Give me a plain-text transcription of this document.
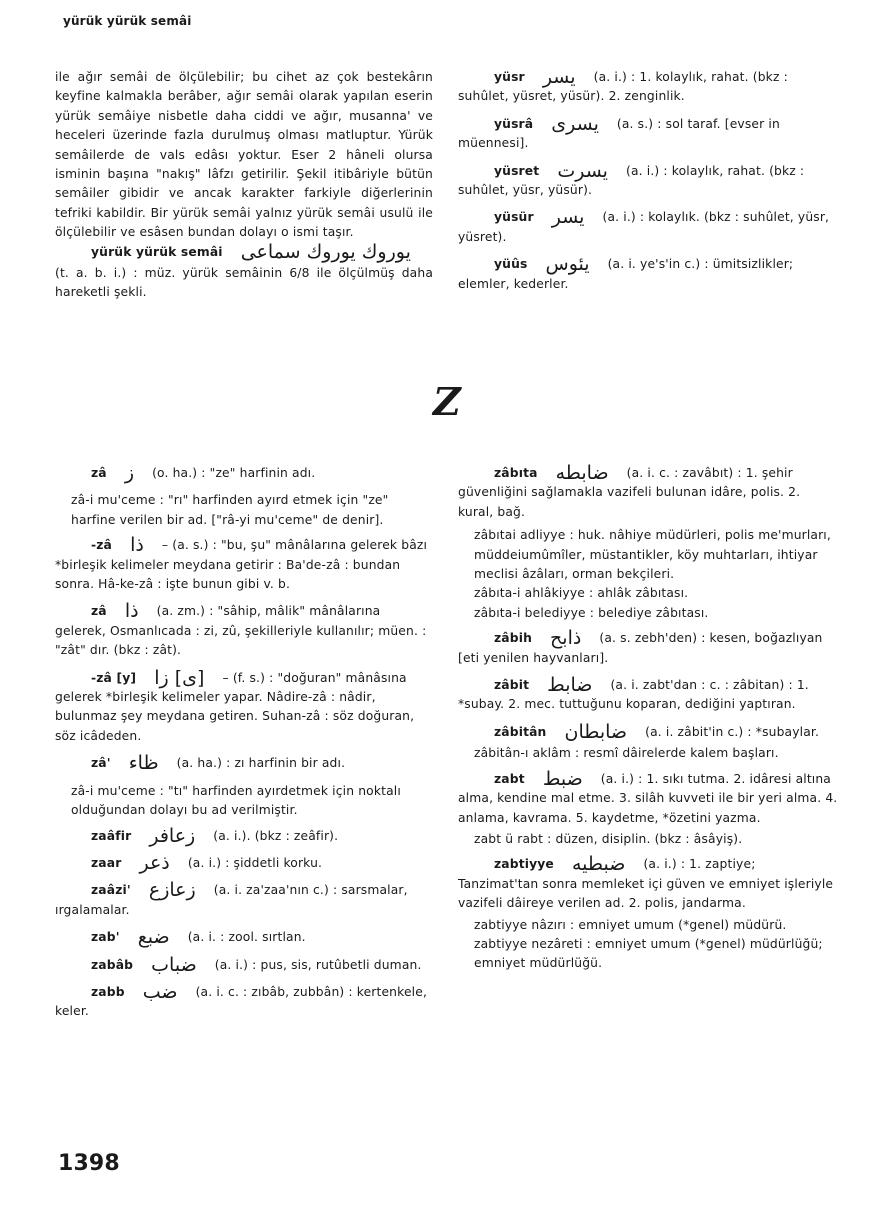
yürük yürük semâi

ile ağır semâi de ölçülebilir; bu cihet az çok bestekârın keyfine kalmakla berâber, ağır semâi olarak yapılan eserin yürük semâiye nisbetle daha ciddi ve ağır, musanna' ve heceleri üzerinde fazla durulmuş olması matluptur. Yürük semâilerde de vals edâsı yoktur. Eser 2 hâneli olursa isminin başına "nakış" lâfzı getirilir. Şekil itibâriyle bütün semâiler gibidir ve ancak karakter farkiyle diğerlerinin tefriki kabildir. Bir yürük semâi yalnız yürük semâi usulü ile ölçülebilir ve esâsen bundan dolayı o ismi taşır.

yürük yürük semâi یوروك یوروك سماعی

(t. a. b. i.) : müz. yürük semâinin 6/8 ile ölçülmüş daha hareketli şekli.

yüsr یسر (a. i.) : 1. kolaylık, rahat. (bkz : suhûlet, yüsret, yüsür). 2. zenginlik.
yüsrâ یسری (a. s.) : sol taraf. [evser in müennesi].
yüsret یسرت (a. i.) : kolaylık, rahat. (bkz : suhûlet, yüsr, yüsür).
yüsür یسر (a. i.) : kolaylık. (bkz : suhûlet, yüsr, yüsret).
yüûs یئوس (a. i. ye's'in c.) : ümitsizlikler; elemler, kederler.
Z
zâ ز (o. ha.) : "ze" harfinin adı.
zâ-i mu'ceme : "rı" harfinden ayırd etmek için "ze" harfine verilen bir ad. ["râ-yi mu'ceme" de denir].
-zâ ذا – (a. s.) : "bu, şu" mânâlarına gelerek bâzı *birleşik kelimeler meydana getirir : Ba'de-zâ : bundan sonra. Hâ-ke-zâ : işte bunun gibi v. b.
zâ ذا (a. zm.) : "sâhip, mâlik" mânâlarına gelerek, Osmanlıcada : zi, zû, şekilleriyle kullanılır; müen. : "zât" dır. (bkz : zât).
-zâ [y] [ی] زا – (f. s.) : "doğuran" mânâsına gelerek *birleşik kelimeler yapar. Nâdire-zâ : nâdir, bulunmaz şey meydana getiren. Suhan-zâ : söz doğuran, söz icâdeden.
zâ' ظاء (a. ha.) : zı harfinin bir adı.
zâ-i mu'ceme : "tı" harfinden ayırdetmek için noktalı olduğundan dolayı bu ad verilmiştir.
zaâfir زعافر (a. i.). (bkz : zeâfir).
zaar ذعر (a. i.) : şiddetli korku.
zaâzi' زعازع (a. i. za'zaa'nın c.) : sarsmalar, ırgalamalar.
zab' ضبع (a. i. : zool. sırtlan.
zabâb ضباب (a. i.) : pus, sis, rutûbetli duman.
zabb ضب (a. i. c. : zıbâb, zubbân) : kertenkele, keler.
zâbıta ضابطه (a. i. c. : zavâbıt) : 1. şehir güvenliğini sağlamakla vazifeli bulunan idâre, polis. 2. kural, bağ.
zâbıtai adliyye : huk. nâhiye müdürleri, polis me'murları, müddeiumûmîler, müstantikler, köy muhtarları, ihtiyar meclisi âzâları, orman bekçileri.
zâbıta-i ahlâkiyye : ahlâk zâbıtası.
zâbıta-i belediyye : belediye zâbıtası.
zâbih ذابح (a. s. zebh'den) : kesen, boğazlıyan [eti yenilen hayvanları].
zâbit ضابط (a. i. zabt'dan : c. : zâbitan) : 1. *subay. 2. mec. tuttuğunu koparan, dediğini yaptıran.
zâbitân ضابطان (a. i. zâbit'in c.) : *subaylar.
zâbitân-ı aklâm : resmî dâirelerde kalem başları.
zabt ضبط (a. i.) : 1. sıkı tutma. 2. idâresi altına alma, kendine mal etme. 3. silâh kuvveti ile bir yeri alma. 4. anlama, kavrama. 5. kaydetme, *özetini yazma.
zabt ü rabt : düzen, disiplin. (bkz : âsâyiş).
zabtiyye ضبطیه (a. i.) : 1. zaptiye; Tanzimat'tan sonra memleket içi güven ve emniyet işleriyle vazifeli dâireye verilen ad. 2. polis, jandarma.
zabtiyye nâzırı : emniyet umum (*genel) müdürü.
zabtiyye nezâreti : emniyet umum (*genel) müdürlüğü; emniyet müdürlüğü.
1398
